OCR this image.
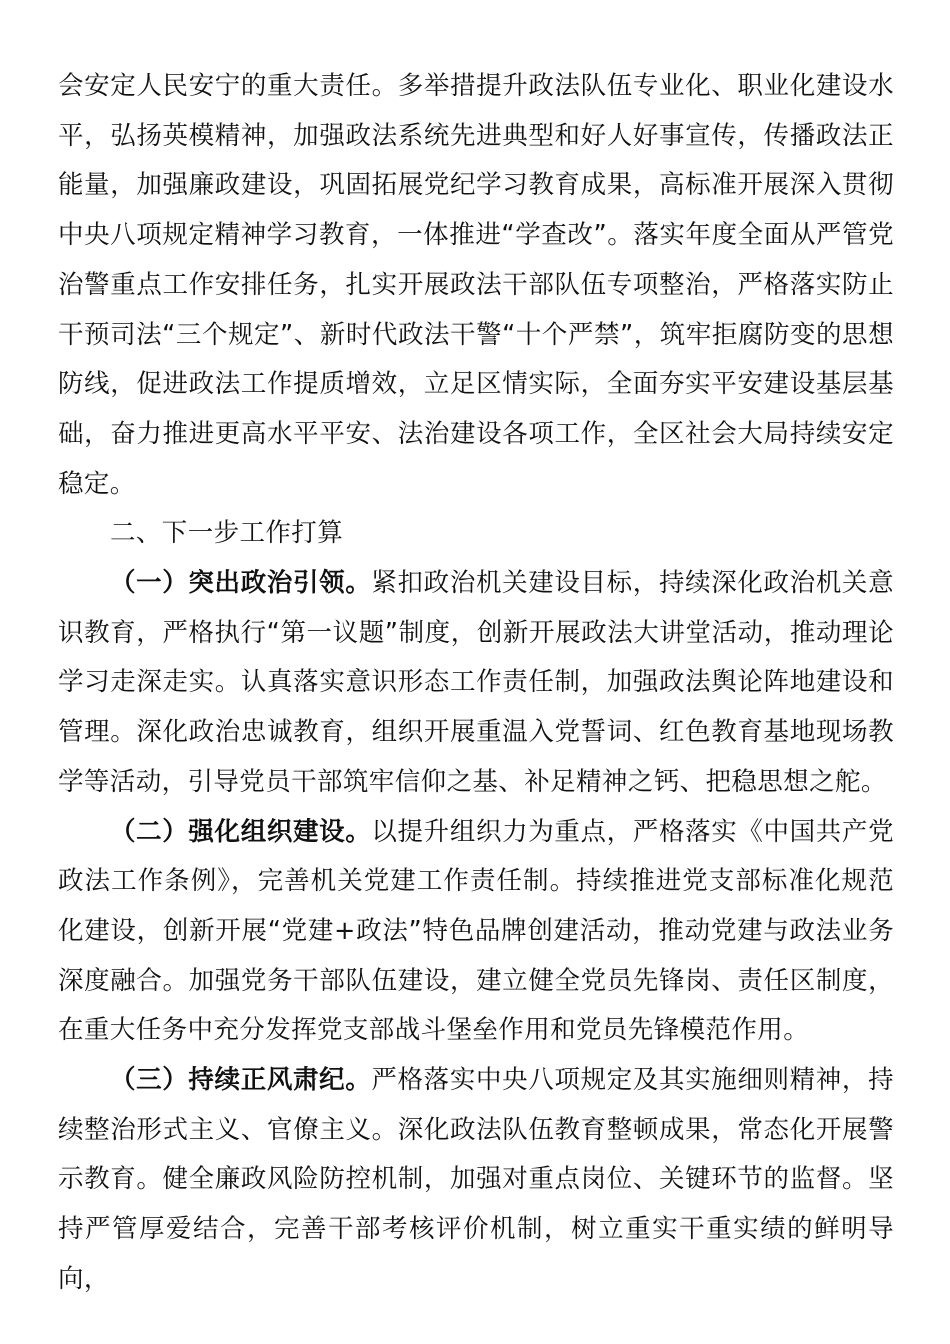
会安定人民安宁的重大责任。多举措提升政法队伍专业化、职业化建设水平，弘扬英模精神，加强政法系统先进典型和好人好事宣传，传播政法正能量，加强廉政建设，巩固拓展党纪学习教育成果，高标准开展深入贯彻中央八项规定精神学习教育，一体推进“学查改”。落实年度全面从严管党治警重点工作安排任务，扎实开展政法干部队伍专项整治，严格落实防止干预司法“三个规定”、新时代政法干警“十个严禁”，筑牢拒腐防变的思想防线，促进政法工作提质增效，立足区情实际，全面夯实平安建设基层基础，奋力推进更高水平平安、法治建设各项工作，全区社会大局持续安定稳定。

二、下一步工作打算

（一）突出政治引领。紧扣政治机关建设目标，持续深化政治机关意识教育，严格执行“第一议题”制度，创新开展政法大讲堂活动，推动理论学习走深走实。认真落实意识形态工作责任制，加强政法舆论阵地建设和管理。深化政治忠诚教育，组织开展重温入党誓词、红色教育基地现场教学等活动，引导党员干部筑牢信仰之基、补足精神之钙、把稳思想之舵。

（二）强化组织建设。以提升组织力为重点，严格落实《中国共产党政法工作条例》，完善机关党建工作责任制。持续推进党支部标准化规范化建设，创新开展“党建+政法”特色品牌创建活动，推动党建与政法业务深度融合。加强党务干部队伍建设，建立健全党员先锋岗、责任区制度，在重大任务中充分发挥党支部战斗堡垒作用和党员先锋模范作用。

（三）持续正风肃纪。严格落实中央八项规定及其实施细则精神，持续整治形式主义、官僚主义。深化政法队伍教育整顿成果，常态化开展警示教育。健全廉政风险防控机制，加强对重点岗位、关键环节的监督。坚持严管厚爱结合，完善干部考核评价机制，树立重实干重实绩的鲜明导向，
